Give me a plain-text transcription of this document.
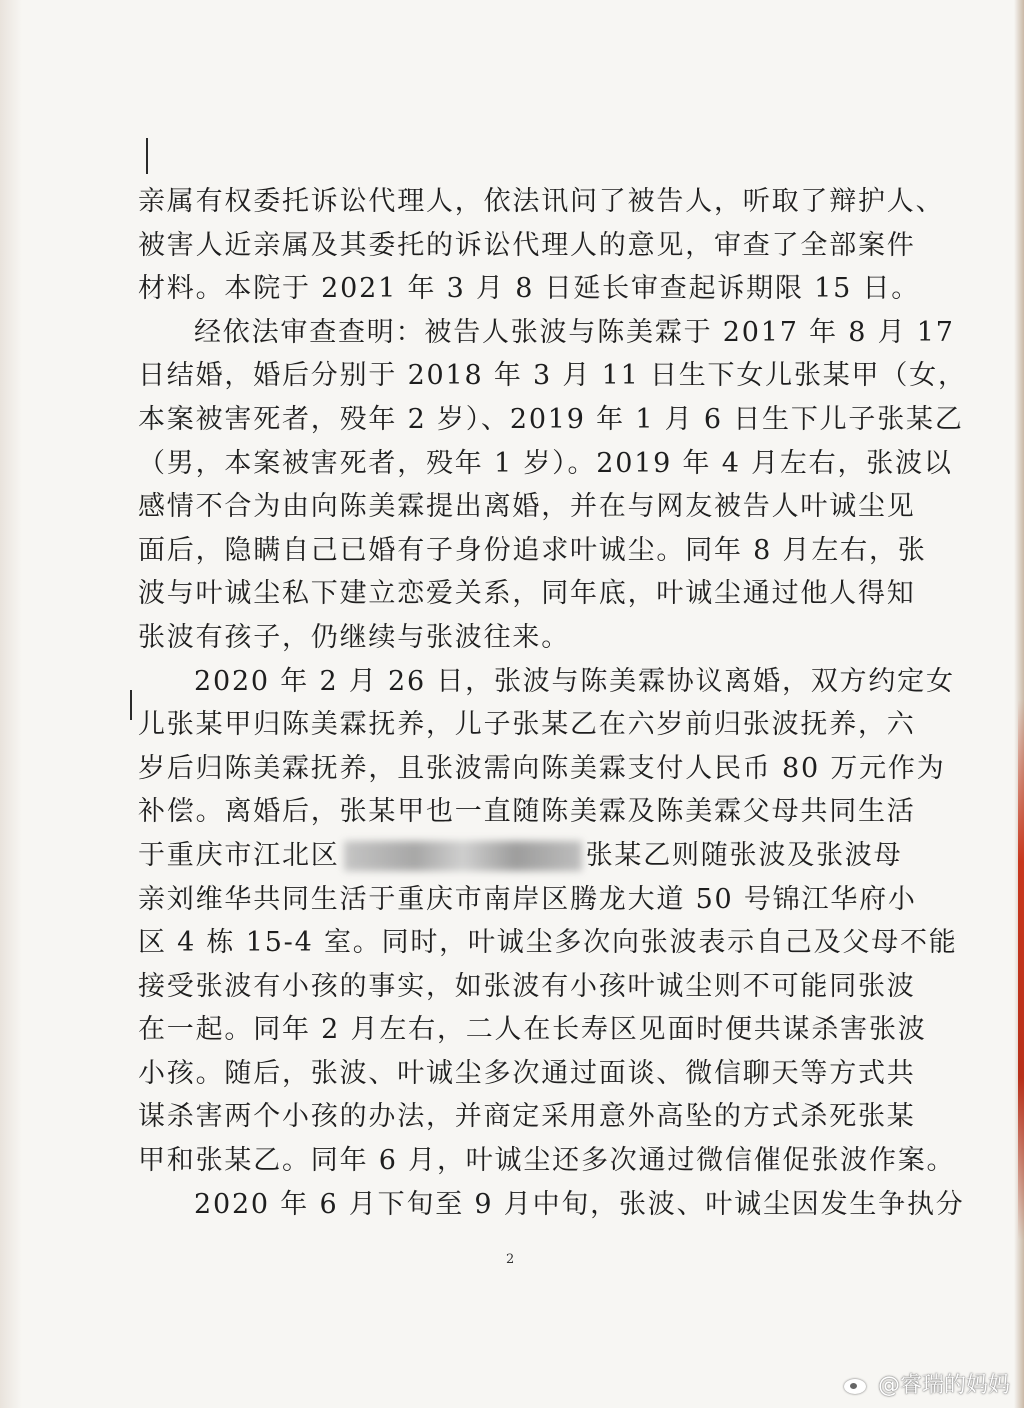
亲属有权委托诉讼代理人，依法讯问了被告人，听取了辩护人、
被害人近亲属及其委托的诉讼代理人的意见，审查了全部案件
材料。本院于 2021 年 3 月 8 日延长审查起诉期限 15 日。
经依法审查查明：被告人张波与陈美霖于 2017 年 8 月 17
日结婚，婚后分别于 2018 年 3 月 11 日生下女儿张某甲（女，
本案被害死者，殁年 2 岁）、2019 年 1 月 6 日生下儿子张某乙
（男，本案被害死者，殁年 1 岁）。2019 年 4 月左右，张波以
感情不合为由向陈美霖提出离婚，并在与网友被告人叶诚尘见
面后，隐瞒自己已婚有子身份追求叶诚尘。同年 8 月左右，张
波与叶诚尘私下建立恋爱关系，同年底，叶诚尘通过他人得知
张波有孩子，仍继续与张波往来。
2020 年 2 月 26 日，张波与陈美霖协议离婚，双方约定女
儿张某甲归陈美霖抚养，儿子张某乙在六岁前归张波抚养，六
岁后归陈美霖抚养，且张波需向陈美霖支付人民币 80 万元作为
补偿。离婚后，张某甲也一直随陈美霖及陈美霖父母共同生活
于重庆市江北区	张某乙则随张波及张波母
亲刘维华共同生活于重庆市南岸区腾龙大道 50 号锦江华府小
区 4 栋 15-4 室。同时，叶诚尘多次向张波表示自己及父母不能
接受张波有小孩的事实，如张波有小孩叶诚尘则不可能同张波
在一起。同年 2 月左右，二人在长寿区见面时便共谋杀害张波
小孩。随后，张波、叶诚尘多次通过面谈、微信聊天等方式共
谋杀害两个小孩的办法，并商定采用意外高坠的方式杀死张某
甲和张某乙。同年 6 月，叶诚尘还多次通过微信催促张波作案。
2020 年 6 月下旬至 9 月中旬，张波、叶诚尘因发生争执分
2
@睿瑞的妈妈
